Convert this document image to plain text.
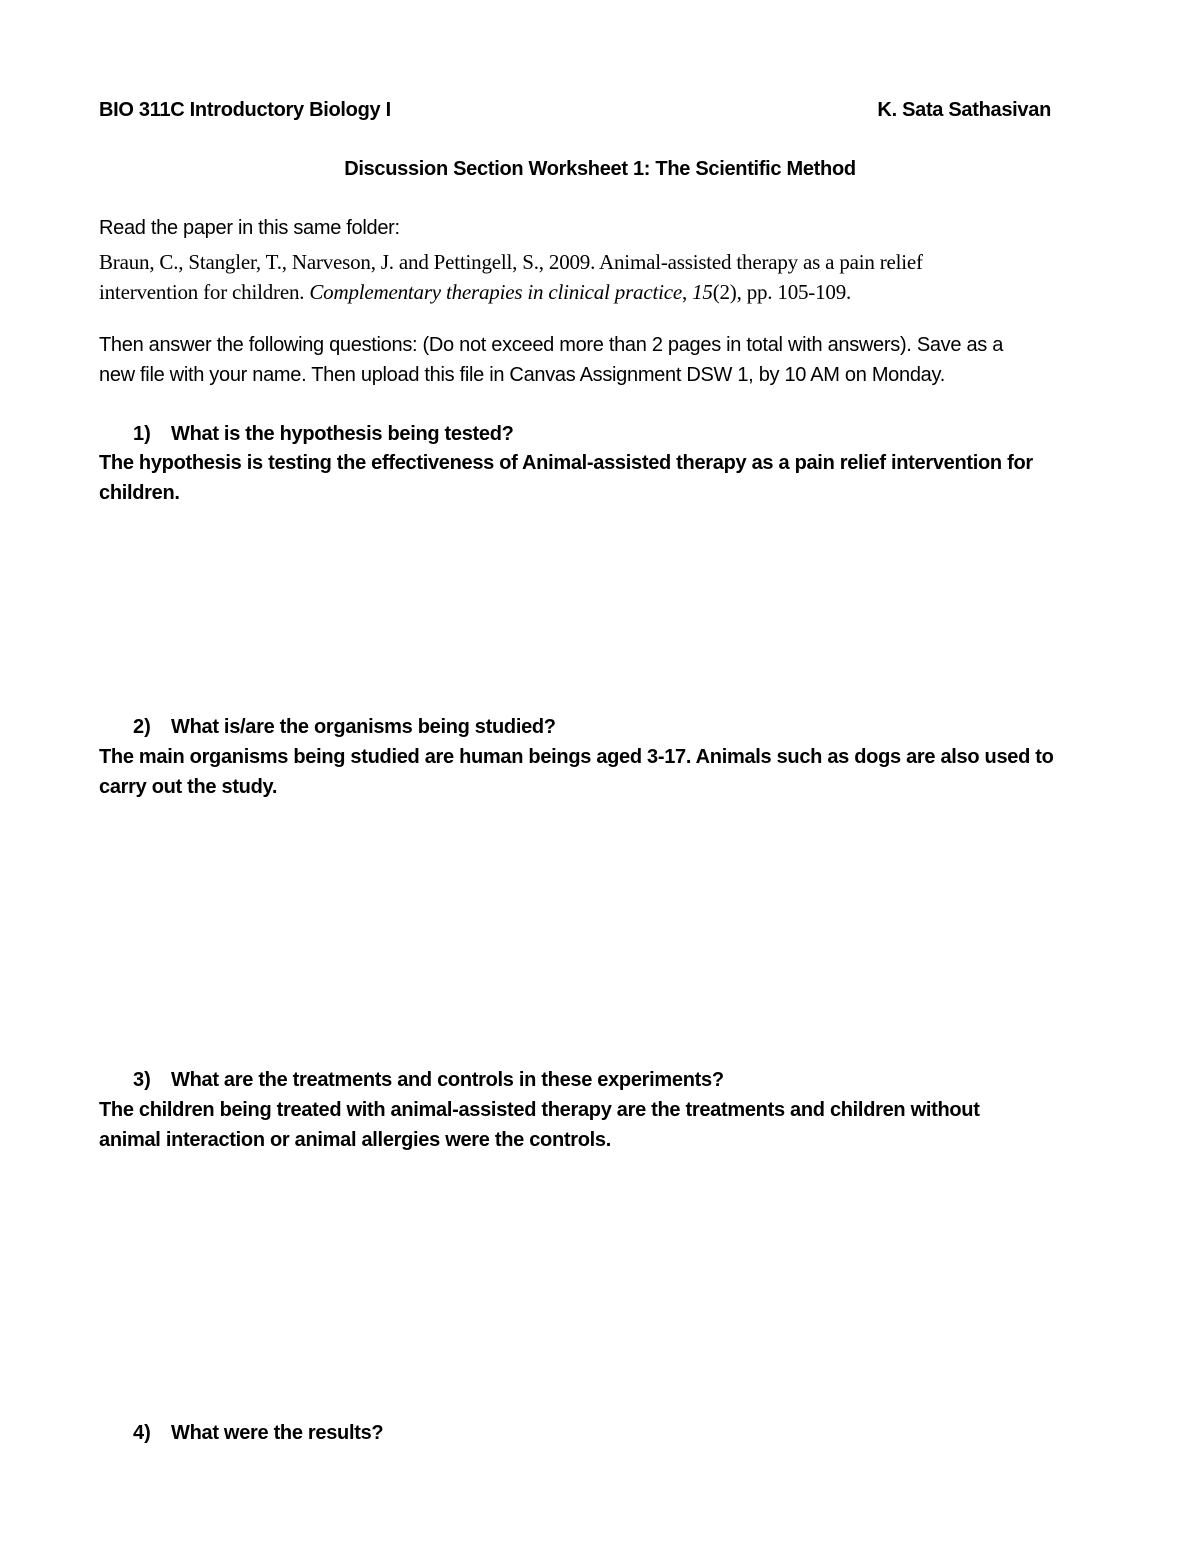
BIO 311C Introductory Biology I	K. Sata Sathasivan
Discussion Section Worksheet 1: The Scientific Method
Read the paper in this same folder:
Braun, C., Stangler, T., Narveson, J. and Pettingell, S., 2009. Animal-assisted therapy as a pain relief
intervention for children. Complementary therapies in clinical practice, 15(2), pp. 105-109.
Then answer the following questions: (Do not exceed more than 2 pages in total with answers). Save as a
new file with your name. Then upload this file in Canvas Assignment DSW 1, by 10 AM on Monday.
1) What is the hypothesis being tested?
The hypothesis is testing the effectiveness of Animal-assisted therapy as a pain relief intervention for
children.
2) What is/are the organisms being studied?
The main organisms being studied are human beings aged 3-17. Animals such as dogs are also used to
carry out the study.
3) What are the treatments and controls in these experiments?
The children being treated with animal-assisted therapy are the treatments and children without
animal interaction or animal allergies were the controls.
4) What were the results?
